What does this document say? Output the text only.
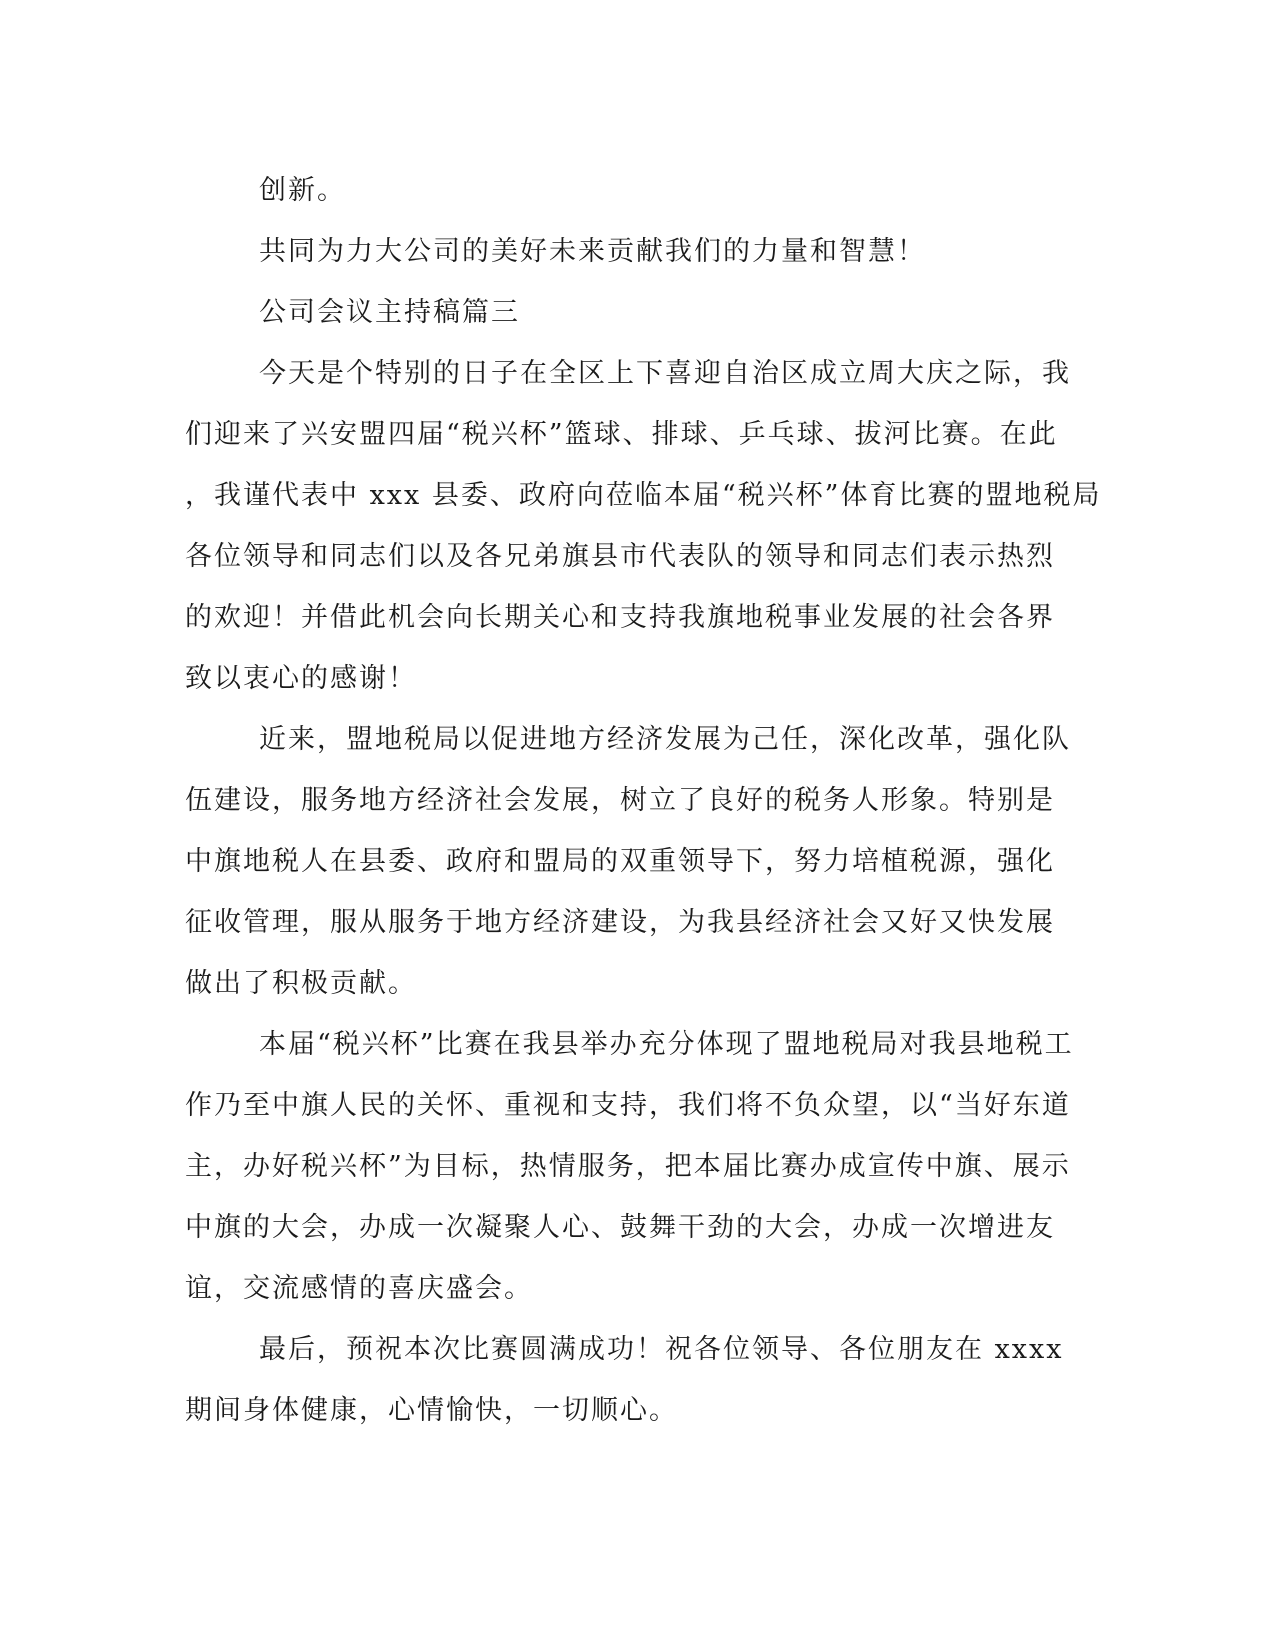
创新。
共同为力大公司的美好未来贡献我们的力量和智慧！
公司会议主持稿篇三
今天是个特别的日子在全区上下喜迎自治区成立周大庆之际，我
们迎来了兴安盟四届“税兴杯”篮球、排球、乒乓球、拔河比赛。在此
，我谨代表中 xxx 县委、政府向莅临本届“税兴杯”体育比赛的盟地税局
各位领导和同志们以及各兄弟旗县市代表队的领导和同志们表示热烈
的欢迎！并借此机会向长期关心和支持我旗地税事业发展的社会各界
致以衷心的感谢！
近来，盟地税局以促进地方经济发展为己任，深化改革，强化队
伍建设，服务地方经济社会发展，树立了良好的税务人形象。特别是
中旗地税人在县委、政府和盟局的双重领导下，努力培植税源，强化
征收管理，服从服务于地方经济建设，为我县经济社会又好又快发展
做出了积极贡献。
本届“税兴杯”比赛在我县举办充分体现了盟地税局对我县地税工
作乃至中旗人民的关怀、重视和支持，我们将不负众望，以“当好东道
主，办好税兴杯”为目标，热情服务，把本届比赛办成宣传中旗、展示
中旗的大会，办成一次凝聚人心、鼓舞干劲的大会，办成一次增进友
谊，交流感情的喜庆盛会。
最后，预祝本次比赛圆满成功！祝各位领导、各位朋友在 xxxx
期间身体健康，心情愉快，一切顺心。
